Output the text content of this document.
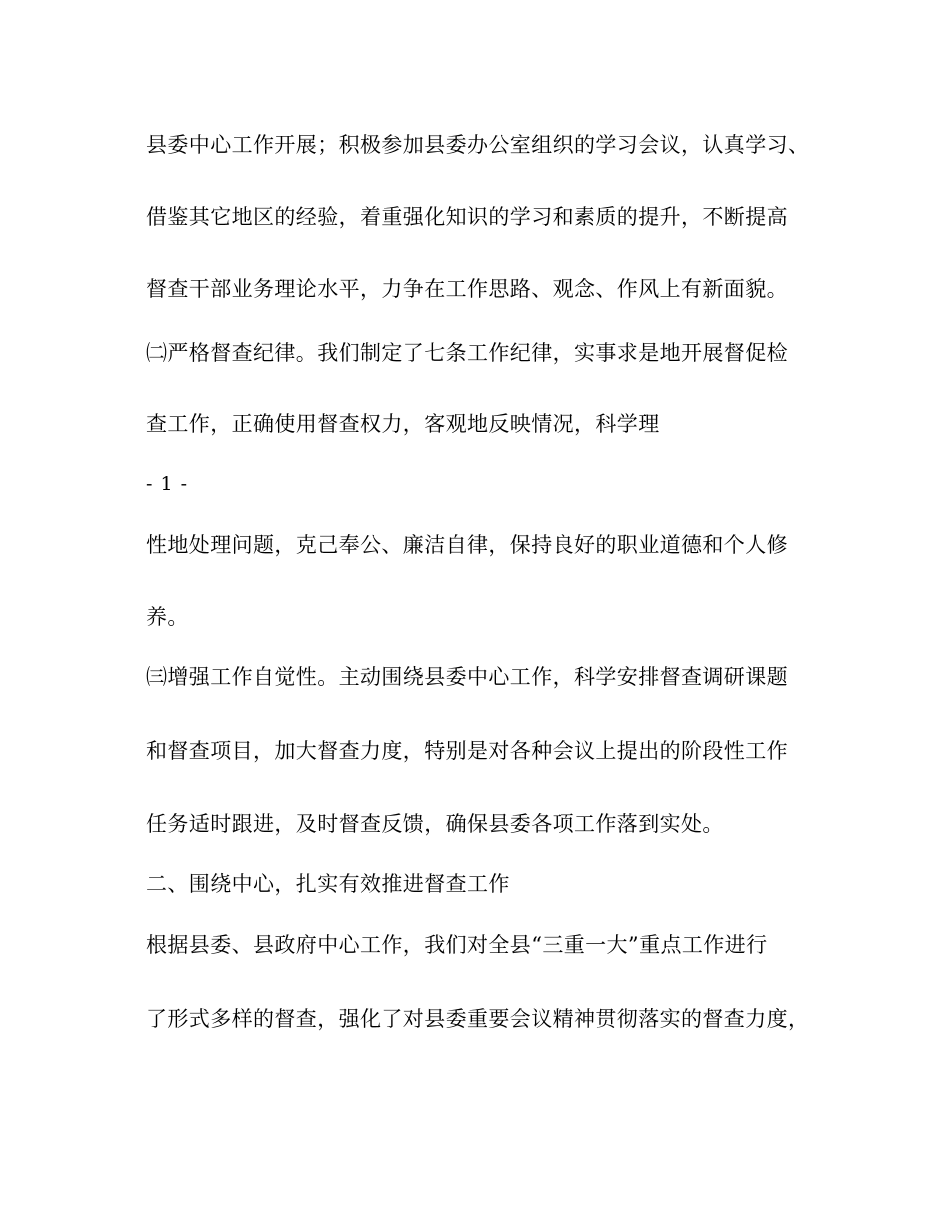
县委中心工作开展；积极参加县委办公室组织的学习会议，认真学习、
借鉴其它地区的经验，着重强化知识的学习和素质的提升，不断提高
督查干部业务理论水平，力争在工作思路、观念、作风上有新面貌。
㈡严格督查纪律。我们制定了七条工作纪律，实事求是地开展督促检
查工作，正确使用督查权力，客观地反映情况，科学理
- 1 -
性地处理问题，克己奉公、廉洁自律，保持良好的职业道德和个人修
养。
㈢增强工作自觉性。主动围绕县委中心工作，科学安排督查调研课题
和督查项目，加大督查力度，特别是对各种会议上提出的阶段性工作
任务适时跟进，及时督查反馈，确保县委各项工作落到实处。
二、围绕中心，扎实有效推进督查工作
根据县委、县政府中心工作，我们对全县“三重一大”重点工作进行
了形式多样的督查，强化了对县委重要会议精神贯彻落实的督查力度，
